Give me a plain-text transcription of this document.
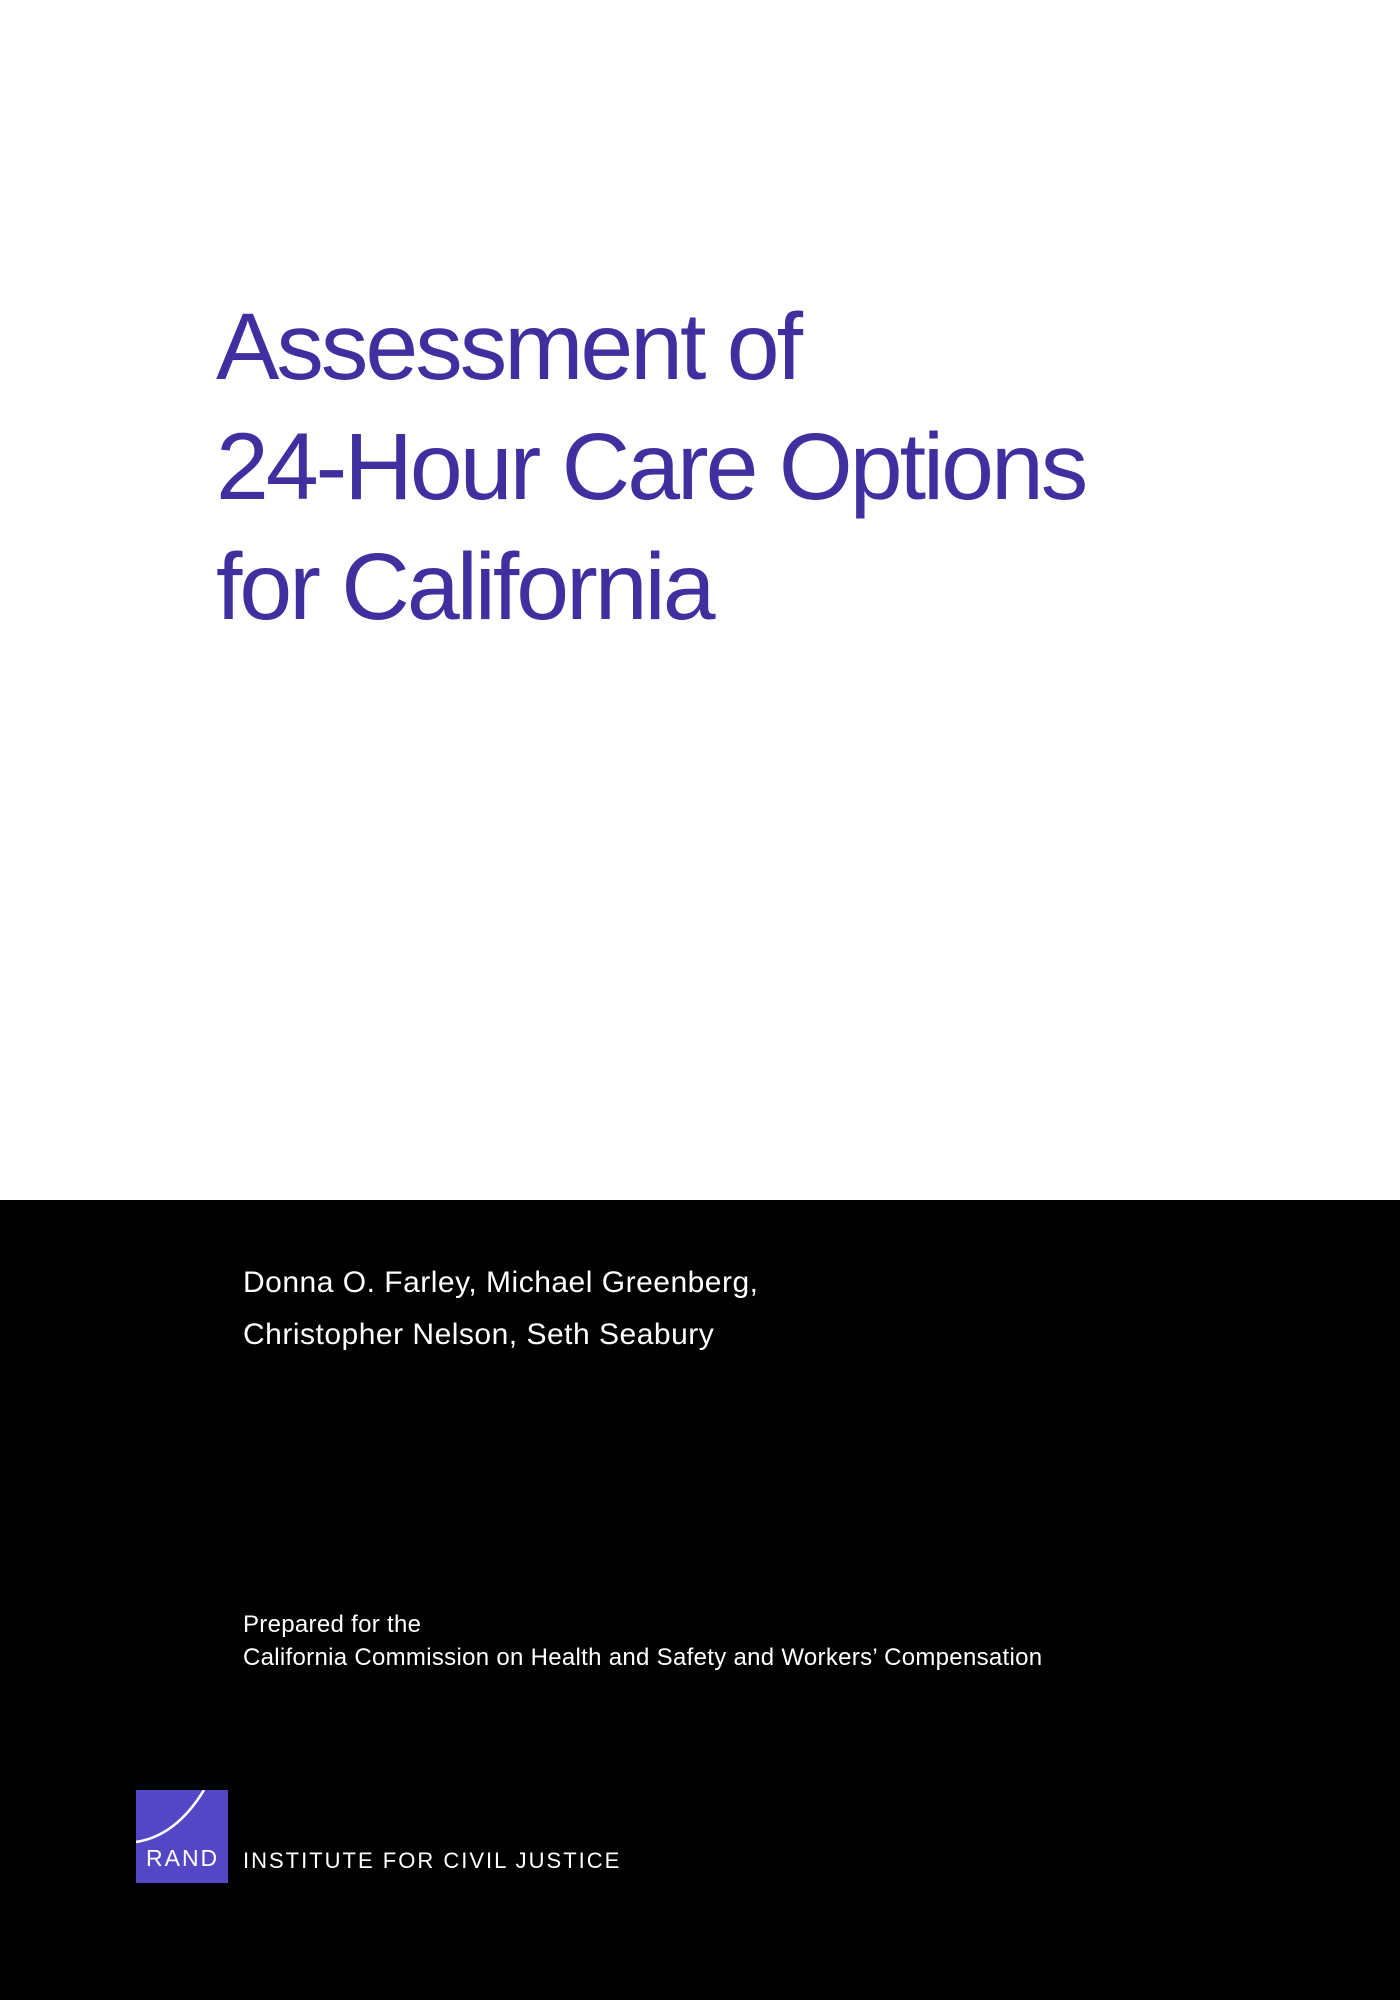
Assessment of
24-Hour Care Options
for California

Donna O. Farley, Michael Greenberg,

Christopher Nelson, Seth Seabury

Prepared for the

California Commission on Health and Safety and Workers’ Compensation

RAND INSTITUTE FOR CIVIL JUSTICE
